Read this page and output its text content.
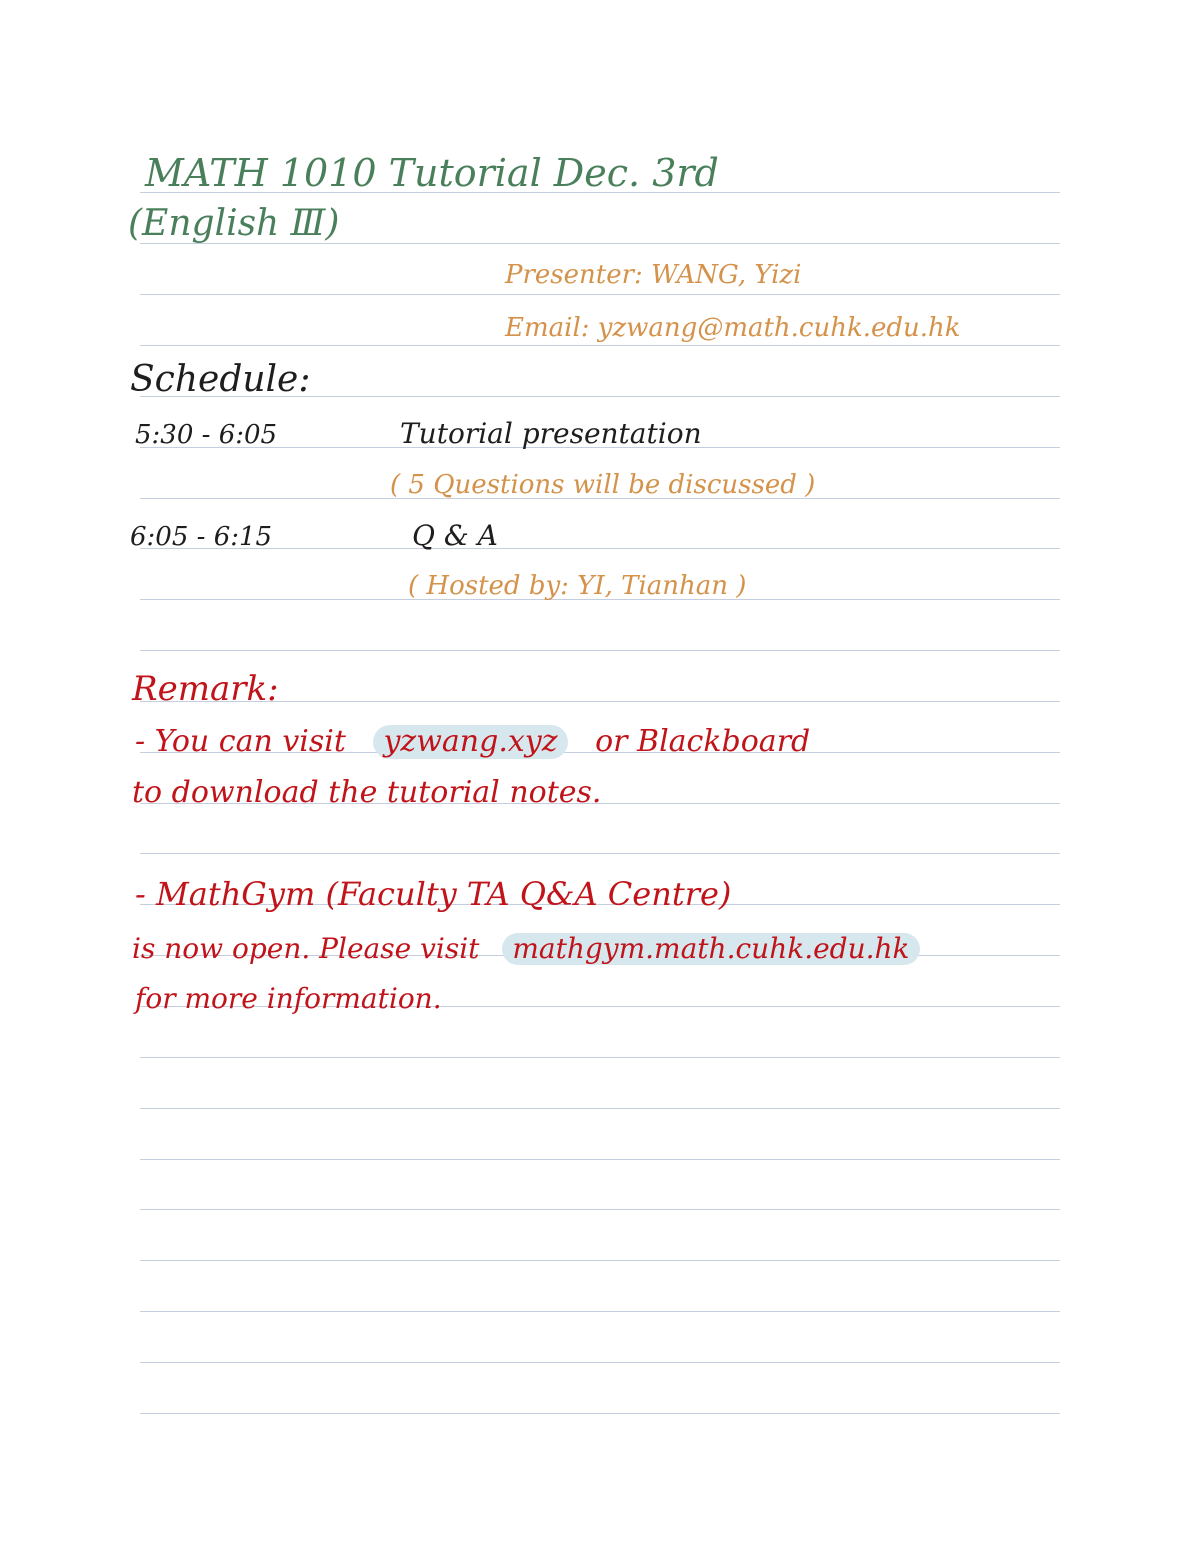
MATH 1010 Tutorial Dec. 3rd
(English Ⅲ)
Presenter: WANG, Yizi
Email: yzwang@math.cuhk.edu.hk
Schedule:
5:30 - 6:05	Tutorial presentation
( 5 Questions will be discussed )
6:05 - 6:15	Q & A
( Hosted by: YI, Tianhan )
Remark:
- You can visit yzwang.xyz or Blackboard
to download the tutorial notes.
- MathGym (Faculty TA Q&A Centre)
is now open. Please visit mathgym.math.cuhk.edu.hk
for more information.
